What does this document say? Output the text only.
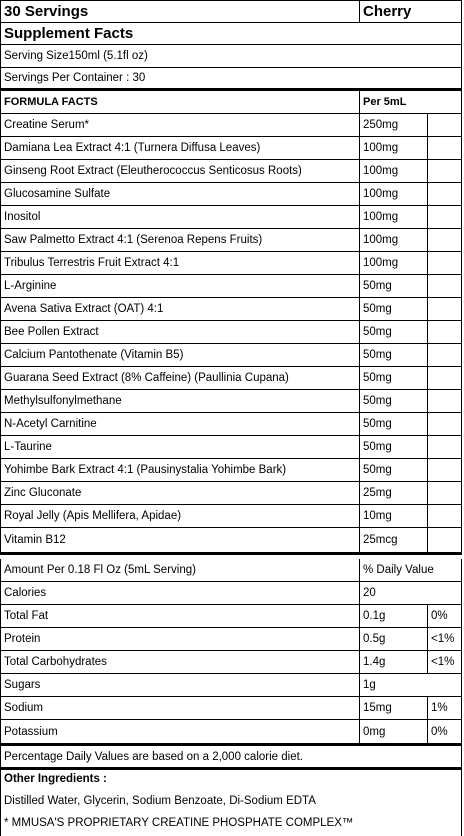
30 Servings	Cherry
Supplement Facts
Serving Size150ml (5.1fl oz)
Servings Per Container : 30
FORMULA FACTS	Per 5mL
Creatine Serum*	250mg
Damiana Lea Extract 4:1 (Turnera Diffusa Leaves)	100mg
Ginseng Root Extract (Eleutherococcus Senticosus Roots)	100mg
Glucosamine Sulfate	100mg
Inositol	100mg
Saw Palmetto Extract 4:1 (Serenoa Repens Fruits)	100mg
Tribulus Terrestris Fruit Extract 4:1	100mg
L-Arginine	50mg
Avena Sativa Extract (OAT) 4:1	50mg
Bee Pollen Extract	50mg
Calcium Pantothenate (Vitamin B5)	50mg
Guarana Seed Extract (8% Caffeine) (Paullinia Cupana)	50mg
Methylsulfonylmethane	50mg
N-Acetyl Carnitine	50mg
L-Taurine	50mg
Yohimbe Bark Extract 4:1 (Pausinystalia Yohimbe Bark)	50mg
Zinc Gluconate	25mg
Royal Jelly (Apis Mellifera, Apidae)	10mg
Vitamin B12	25mcg
Amount Per 0.18 Fl Oz (5mL Serving)	% Daily Value
Calories	20
Total Fat	0.1g	0%
Protein	0.5g	<1%
Total Carbohydrates	1.4g	<1%
Sugars	1g
Sodium	15mg	1%
Potassium	0mg	0%
Percentage Daily Values are based on a 2,000 calorie diet.
Other Ingredients :
Distilled Water, Glycerin, Sodium Benzoate, Di-Sodium EDTA
* MMUSA'S PROPRIETARY CREATINE PHOSPHATE COMPLEX™
